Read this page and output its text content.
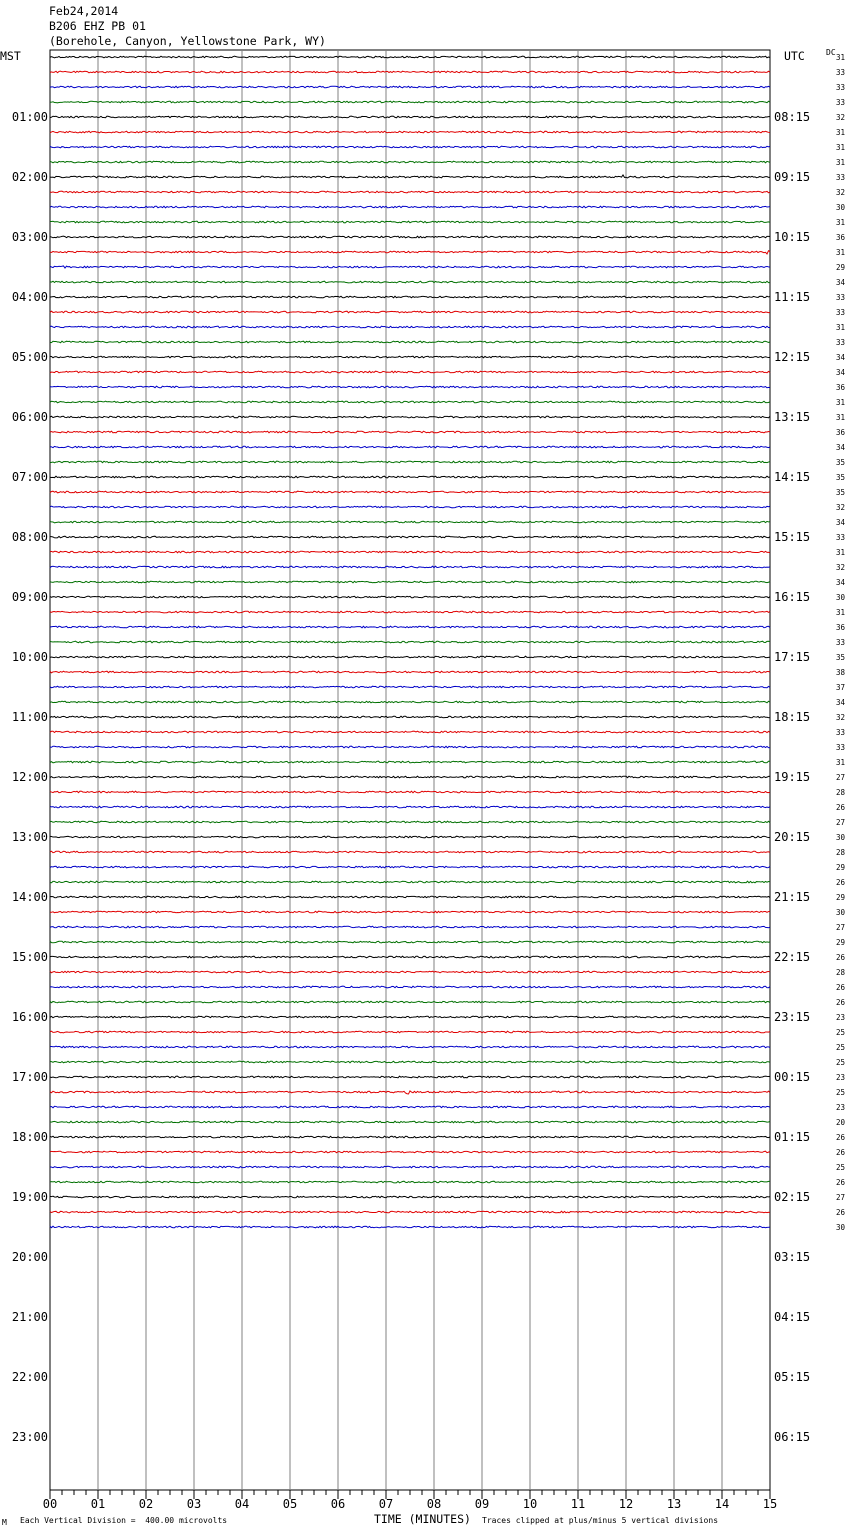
Feb24,2014
B206 EHZ PB 01
(Borehole, Canyon, Yellowstone Park, WY)
MST	UTC	DC
00	01	02	03	04	05	06	07	08	09	10	11	12	13	14	15
01:00
02:00
03:00
04:00
05:00
06:00
07:00
08:00
09:00
10:00
11:00
12:00
13:00
14:00
15:00
16:00
17:00
18:00
19:00
20:00
21:00
22:00
23:00
08:15
09:15
10:15
11:15
12:15
13:15
14:15
15:15
16:15
17:15
18:15
19:15
20:15
21:15
22:15
23:15
00:15
01:15
02:15
03:15
04:15
05:15
06:15
31
33
33
33
32
31
31
31
33
32
30
31
36
31
29
34
33
33
31
33
34
34
36
31
31
36
34
35
35
35
32
34
33
31
32
34
30
31
36
33
35
38
37
34
32
33
33
31
27
28
26
27
30
28
29
26
29
30
27
29
26
28
26
26
23
25
25
25
23
25
23
20
26
26
25
26
27
26
30
M Each Vertical Division =  400.00 microvolts	TIME (MINUTES) Traces clipped at plus/minus 5 vertical divisions
